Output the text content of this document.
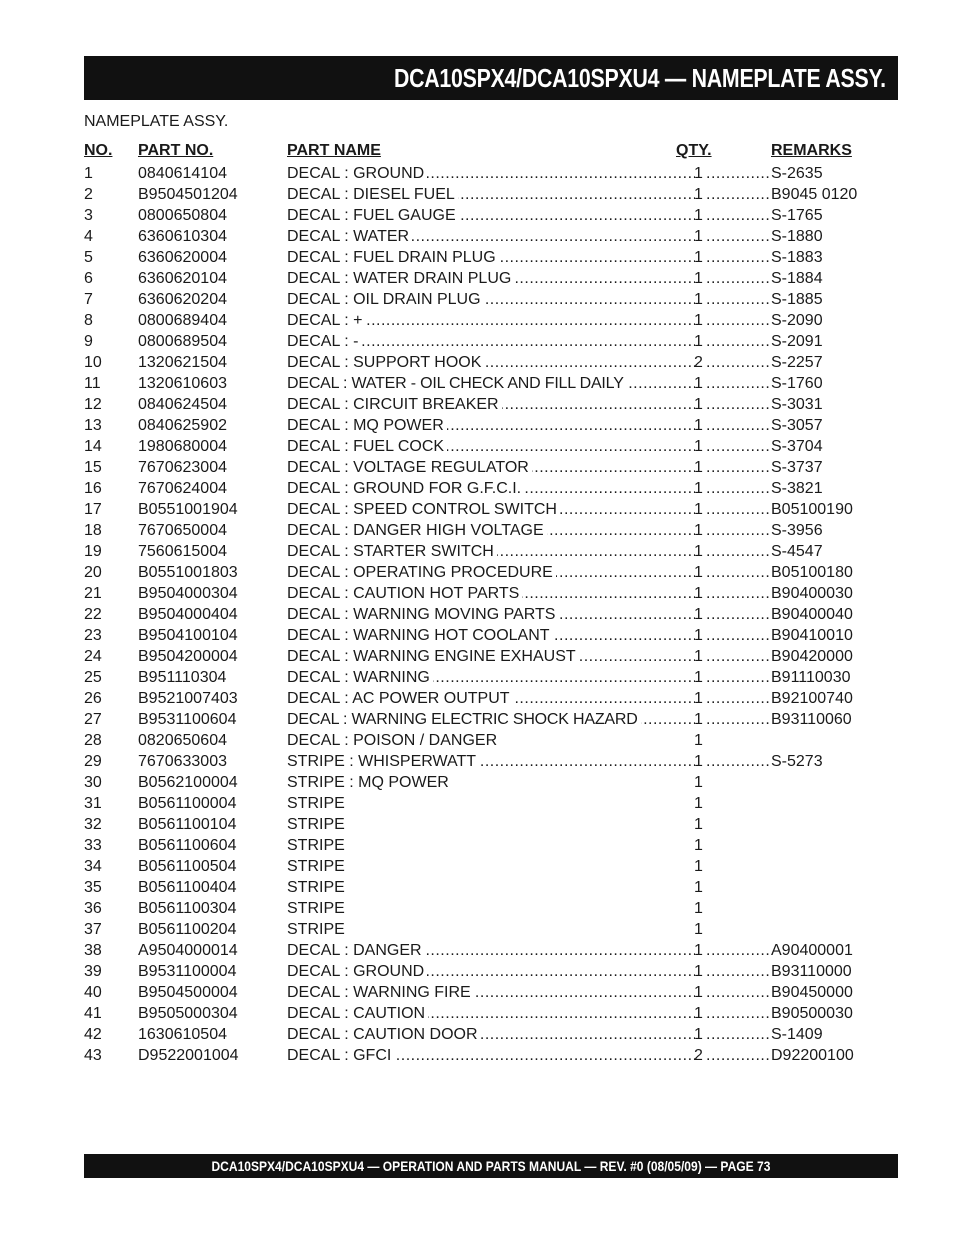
DCA10SPX4/DCA10SPXU4 — NAMEPLATE ASSY.
NAMEPLATE ASSY.
NO. PART NO.	PART NAME	QTY.	REMARKS
1	0840614104	DECAL : GROUND .....	1 .....	S-2635
2	B9504501204	DECAL : DIESEL FUEL .....	1 .....	B9045 0120
3	0800650804	DECAL : FUEL GAUGE .....	1 .....	S-1765
4	6360610304	DECAL : WATER .....	1 .....	S-1880
5	6360620004	DECAL : FUEL DRAIN PLUG .....	1 .....	S-1883
6	6360620104	DECAL : WATER DRAIN PLUG .....	1 .....	S-1884
7	6360620204	DECAL : OIL DRAIN PLUG .....	1 .....	S-1885
8	0800689404	DECAL : + .....	1 .....	S-2090
9	0800689504	DECAL : - .....	1 .....	S-2091
10 1320621504	DECAL : SUPPORT HOOK .....	2 .....	S-2257
11 1320610603	DECAL : WATER - OIL CHECK AND FILL DAILY .....	1 .....	S-1760
12 0840624504	DECAL : CIRCUIT BREAKER .....	1 .....	S-3031
13 0840625902	DECAL : MQ POWER .....	1 .....	S-3057
14 1980680004	DECAL : FUEL COCK .....	1 .....	S-3704
15 7670623004	DECAL : VOLTAGE REGULATOR .....	1 .....	S-3737
16 7670624004	DECAL : GROUND FOR G.F.C.I. .....	1 .....	S-3821
17 B0551001904	DECAL : SPEED CONTROL SWITCH .....	1 .....	B05100190
18 7670650004	DECAL : DANGER HIGH VOLTAGE .....	1 .....	S-3956
19 7560615004	DECAL : STARTER SWITCH .....	1 .....	S-4547
20 B0551001803	DECAL : OPERATING PROCEDURE .....	1 .....	B05100180
21 B9504000304	DECAL : CAUTION HOT PARTS .....	1 .....	B90400030
22 B9504000404	DECAL : WARNING MOVING PARTS .....	1 .....	B90400040
23 B9504100104	DECAL : WARNING HOT COOLANT .....	1 .....	B90410010
24 B9504200004	DECAL : WARNING ENGINE EXHAUST .....	1 .....	B90420000
25 B951110304	DECAL : WARNING .....	1 .....	B91110030
26 B9521007403	DECAL : AC POWER OUTPUT .....	1 .....	B92100740
27 B9531100604	DECAL : WARNING ELECTRIC SHOCK HAZARD .....	1 .....	B93110060
28 0820650604	DECAL : POISON / DANGER	1
29 7670633003	STRIPE : WHISPERWATT .....	1 .....	S-5273
30 B0562100004	STRIPE : MQ POWER	1
31 B0561100004	STRIPE	1
32 B0561100104	STRIPE	1
33 B0561100604	STRIPE	1
34 B0561100504	STRIPE	1
35 B0561100404	STRIPE	1
36 B0561100304	STRIPE	1
37 B0561100204	STRIPE	1
38 A9504000014	DECAL : DANGER .....	1 .....	A90400001
39 B9531100004	DECAL : GROUND .....	1 .....	B93110000
40 B9504500004	DECAL : WARNING FIRE .....	1 .....	B90450000
41 B9505000304	DECAL : CAUTION .....	1 .....	B90500030
42 1630610504	DECAL : CAUTION DOOR .....	1 .....	S-1409
43 D9522001004	DECAL : GFCI .....	2 .....	D92200100
DCA10SPX4/DCA10SPXU4 — OPERATION AND PARTS MANUAL — REV. #0 (08/05/09) — PAGE 73
